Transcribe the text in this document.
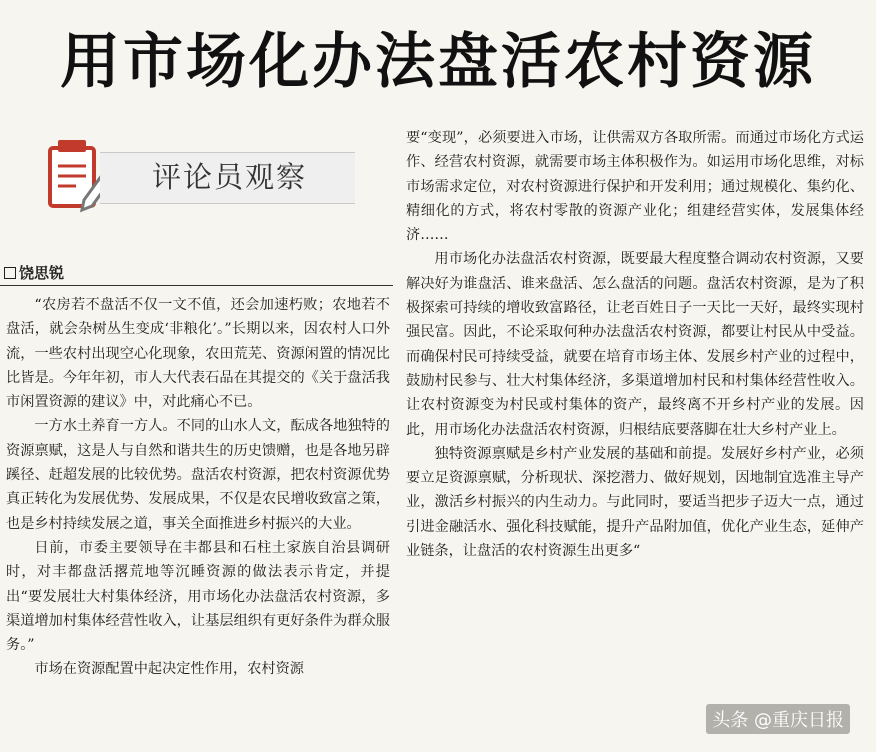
用市场化办法盘活农村资源
评论员观察
饶思锐

“农房若不盘活不仅一文不值，还会加速朽败；农地若不盘活，就会杂树丛生变成‘非粮化’。”长期以来，因农村人口外流，一些农村出现空心化现象，农田荒芜、资源闲置的情况比比皆是。今年年初，市人大代表石品在其提交的《关于盘活我市闲置资源的建议》中，对此痛心不已。

一方水土养育一方人。不同的山水人文，酝成各地独特的资源禀赋，这是人与自然和谐共生的历史馈赠，也是各地另辟蹊径、赶超发展的比较优势。盘活农村资源，把农村资源优势真正转化为发展优势、发展成果，不仅是农民增收致富之策，也是乡村持续发展之道，事关全面推进乡村振兴的大业。

日前，市委主要领导在丰都县和石柱土家族自治县调研时，对丰都盘活撂荒地等沉睡资源的做法表示肯定，并提出“要发展壮大村集体经济，用市场化办法盘活农村资源，多渠道增加村集体经营性收入，让基层组织有更好条件为群众服务。”

市场在资源配置中起决定性作用，农村资源

要“变现”，必须要进入市场，让供需双方各取所需。而通过市场化方式运作、经营农村资源，就需要市场主体积极作为。如运用市场化思维，对标市场需求定位，对农村资源进行保护和开发利用；通过规模化、集约化、精细化的方式，将农村零散的资源产业化；组建经营实体，发展集体经济……

用市场化办法盘活农村资源，既要最大程度整合调动农村资源，又要解决好为谁盘活、谁来盘活、怎么盘活的问题。盘活农村资源，是为了积极探索可持续的增收致富路径，让老百姓日子一天比一天好，最终实现村强民富。因此，不论采取何种办法盘活农村资源，都要让村民从中受益。而确保村民可持续受益，就要在培育市场主体、发展乡村产业的过程中，鼓励村民参与、壮大村集体经济，多渠道增加村民和村集体经营性收入。让农村资源变为村民或村集体的资产，最终离不开乡村产业的发展。因此，用市场化办法盘活农村资源，归根结底要落脚在壮大乡村产业上。

独特资源禀赋是乡村产业发展的基础和前提。发展好乡村产业，必须要立足资源禀赋，分析现状、深挖潜力、做好规划，因地制宜选准主导产业，激活乡村振兴的内生动力。与此同时，要适当把步子迈大一点，通过引进金融活水、强化科技赋能，提升产品附加值，优化产业生态，延伸产业链条，让盘活的农村资源生出更多“

头条 @重庆日报
